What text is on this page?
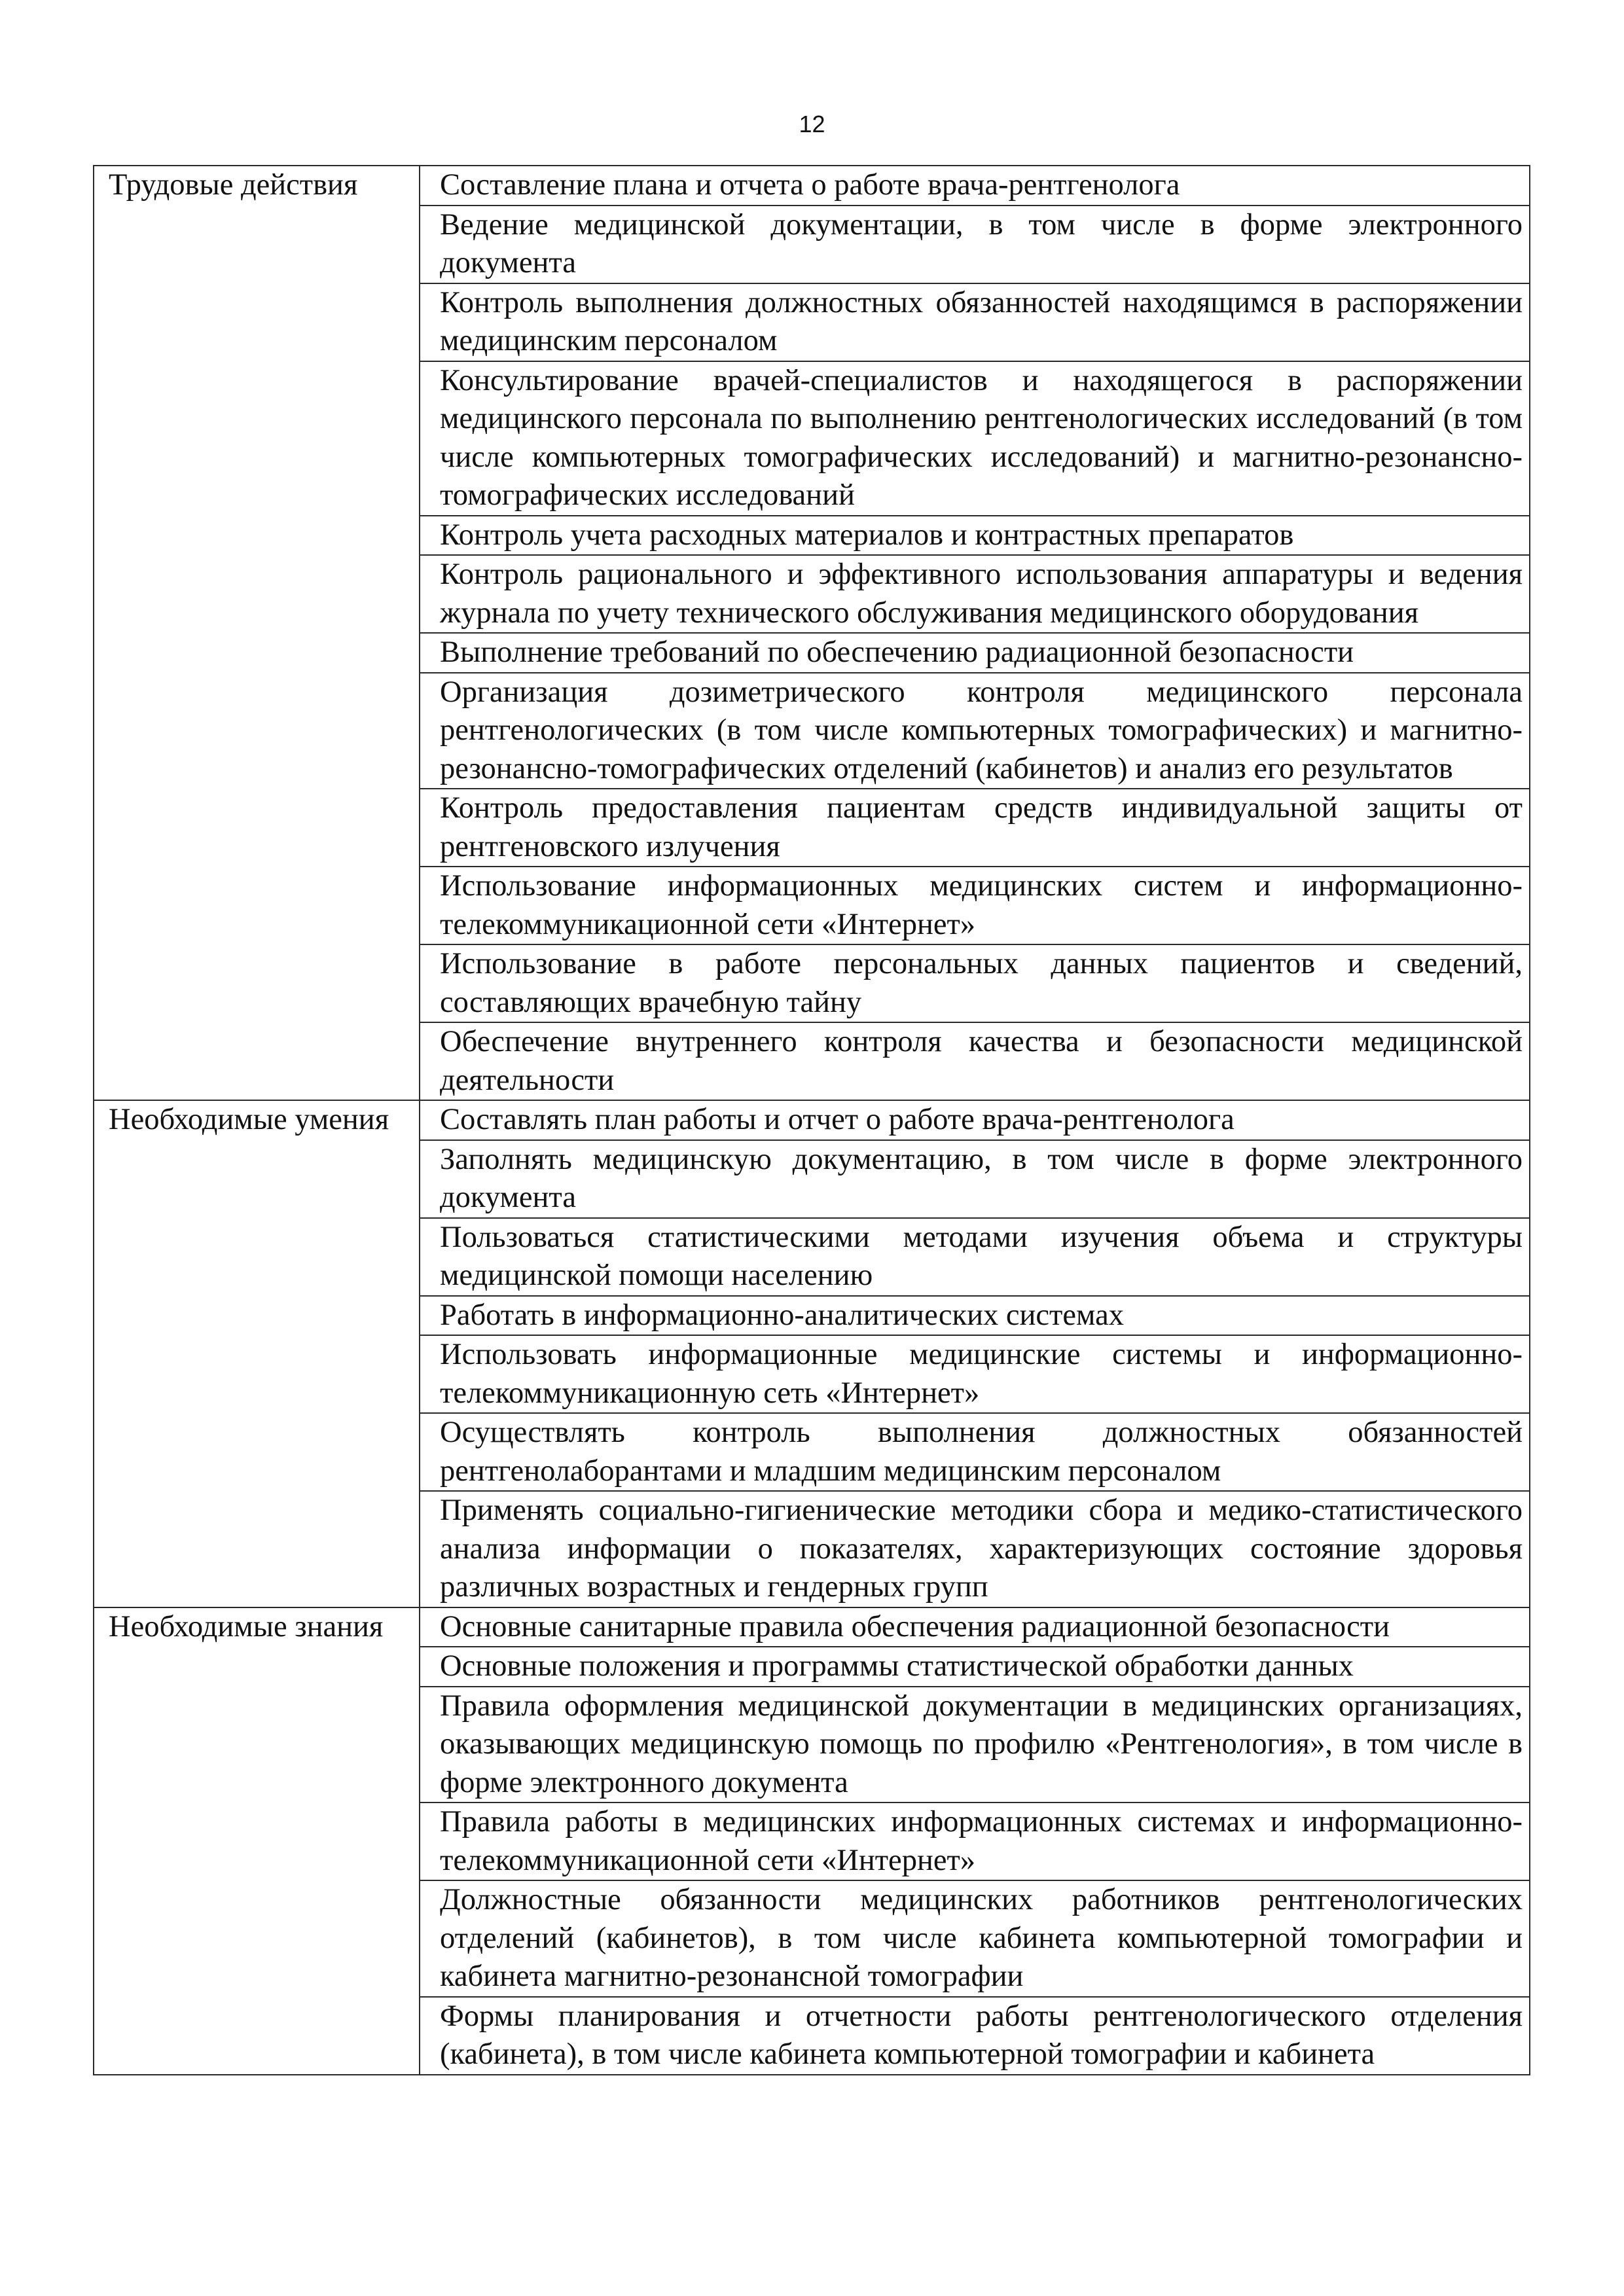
12
Трудовые действия	Составление плана и отчета о работе врача-рентгенолога
	Ведение медицинской документации, в том числе в форме электронного документа
	Контроль выполнения должностных обязанностей находящимся в распоряжении медицинским персоналом
	Консультирование врачей-специалистов и находящегося в распоряжении медицинского персонала по выполнению рентгенологических исследований (в том числе компьютерных томографических исследований) и магнитно-резонансно-томографических исследований
	Контроль учета расходных материалов и контрастных препаратов
	Контроль рационального и эффективного использования аппаратуры и ведения журнала по учету технического обслуживания медицинского оборудования
	Выполнение требований по обеспечению радиационной безопасности
	Организация дозиметрического контроля медицинского персонала рентгенологических (в том числе компьютерных томографических) и магнитно-резонансно-томографических отделений (кабинетов) и анализ его результатов
	Контроль предоставления пациентам средств индивидуальной защиты от рентгеновского излучения
	Использование информационных медицинских систем и информационно-телекоммуникационной сети «Интернет»
	Использование в работе персональных данных пациентов и сведений, составляющих врачебную тайну
	Обеспечение внутреннего контроля качества и безопасности медицинской деятельности
Необходимые умения	Составлять план работы и отчет о работе врача-рентгенолога
	Заполнять медицинскую документацию, в том числе в форме электронного документа
	Пользоваться статистическими методами изучения объема и структуры медицинской помощи населению
	Работать в информационно-аналитических системах
	Использовать информационные медицинские системы и информационно-телекоммуникационную сеть «Интернет»
	Осуществлять контроль выполнения должностных обязанностей рентгенолаборантами и младшим медицинским персоналом
	Применять социально-гигиенические методики сбора и медико-статистического анализа информации о показателях, характеризующих состояние здоровья различных возрастных и гендерных групп
Необходимые знания	Основные санитарные правила обеспечения радиационной безопасности
	Основные положения и программы статистической обработки данных
	Правила оформления медицинской документации в медицинских организациях, оказывающих медицинскую помощь по профилю «Рентгенология», в том числе в форме электронного документа
	Правила работы в медицинских информационных системах и информационно-телекоммуникационной сети «Интернет»
	Должностные обязанности медицинских работников рентгенологических отделений (кабинетов), в том числе кабинета компьютерной томографии и кабинета магнитно-резонансной томографии
	Формы планирования и отчетности работы рентгенологического отделения (кабинета), в том числе кабинета компьютерной томографии и кабинета
